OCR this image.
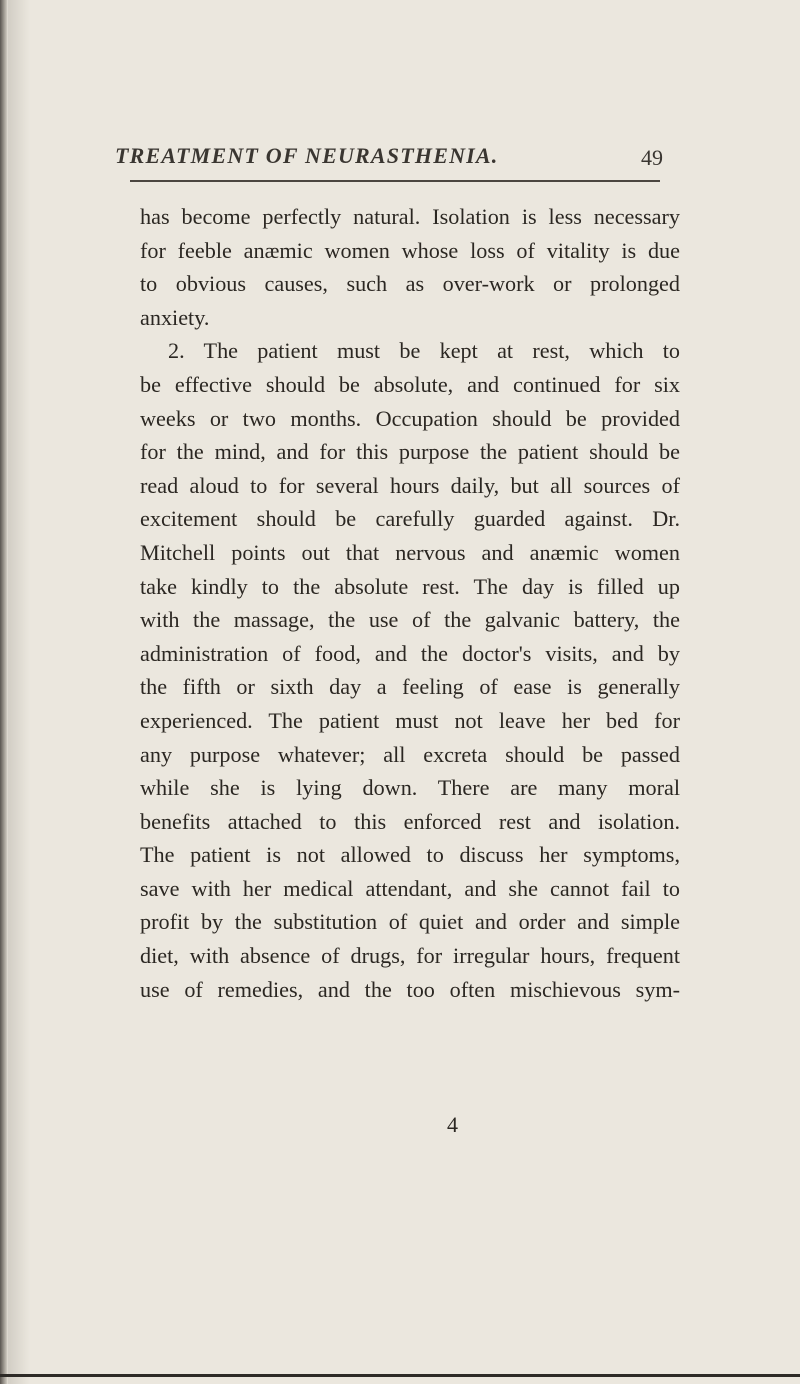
TREATMENT OF NEURASTHENIA.	49
has become perfectly natural. Isolation is less necessary
for feeble anæmic women whose loss of vitality is due
to obvious causes, such as over-work or prolonged
anxiety.
2. The patient must be kept at rest, which to
be effective should be absolute, and continued for six
weeks or two months. Occupation should be provided
for the mind, and for this purpose the patient should be
read aloud to for several hours daily, but all sources of
excitement should be carefully guarded against. Dr.
Mitchell points out that nervous and anæmic women
take kindly to the absolute rest. The day is filled up
with the massage, the use of the galvanic battery, the
administration of food, and the doctor's visits, and by
the fifth or sixth day a feeling of ease is generally
experienced. The patient must not leave her bed for
any purpose whatever; all excreta should be passed
while she is lying down. There are many moral
benefits attached to this enforced rest and isolation.
The patient is not allowed to discuss her symptoms,
save with her medical attendant, and she cannot fail to
profit by the substitution of quiet and order and simple
diet, with absence of drugs, for irregular hours, frequent
use of remedies, and the too often mischievous sym-
4
